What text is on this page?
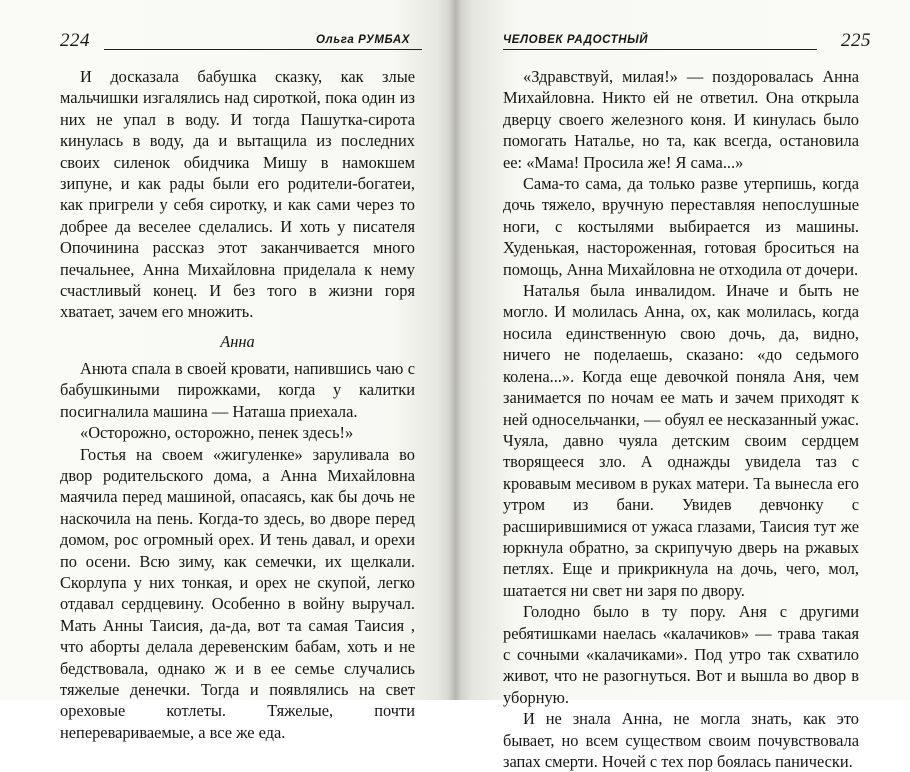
224	Ольга РУМБАХ

И досказала бабушка сказку, как злые мальчишки изгалялись над сироткой, пока один из них не упал в воду. И тогда Пашутка-сирота кинулась в воду, да и вытащила из последних своих силенок обидчика Мишу в намокшем зипуне, и как рады были его родители-богатеи, как пригрели у себя сиротку, и как сами через то добрее да веселее сделались. И хоть у писателя Опочинина рассказ этот заканчивается много печальнее, Анна Михайловна приделала к нему счастливый конец. И без того в жизни горя хватает, зачем его множить.

Анна

Анюта спала в своей кровати, напившись чаю с бабушкиными пирожками, когда у калитки посигналила машина — Наташа приехала.

«Осторожно, осторожно, пенек здесь!»

Гостья на своем «жигуленке» заруливала во двор родительского дома, а Анна Михайловна маячила перед машиной, опасаясь, как бы дочь не наскочила на пень. Когда-то здесь, во дворе перед домом, рос огромный орех. И тень давал, и орехи по осени. Всю зиму, как семечки, их щелкали. Скорлупа у них тонкая, и орех не скупой, легко отдавал сердцевину. Особенно в войну выручал. Мать Анны Таисия, да-да, вот та самая Таисия , что аборты делала деревенским бабам, хоть и не бедствовала, однако ж и в ее семье случались тяжелые денечки. Тогда и появлялись на свет ореховые котлеты. Тяжелые, почти неперевариваемые, а все же еда.

ЧЕЛОВЕК РАДОСТНЫЙ	225

«Здравствуй, милая!» — поздоровалась Анна Михайловна. Никто ей не ответил. Она открыла дверцу своего железного коня. И кинулась было помогать Наталье, но та, как всегда, остановила ее: «Мама! Просила же! Я сама...»

Сама-то сама, да только разве утерпишь, когда дочь тяжело, вручную переставляя непослушные ноги, с костылями выбирается из машины. Худенькая, настороженная, готовая броситься на помощь, Анна Михайловна не отходила от дочери.

Наталья была инвалидом. Иначе и быть не могло. И молилась Анна, ох, как молилась, когда носила единственную свою дочь, да, видно, ничего не поделаешь, сказано: «до седьмого колена...». Когда еще девочкой поняла Аня, чем занимается по ночам ее мать и зачем приходят к ней односельчанки, — обуял ее несказанный ужас. Чуяла, давно чуяла детским своим сердцем творящееся зло. А однажды увидела таз с кровавым месивом в руках матери. Та вынесла его утром из бани. Увидев девчонку с расширившимися от ужаса глазами, Таисия тут же юркнула обратно, за скрипучую дверь на ржавых петлях. Еще и прикрикнула на дочь, чего, мол, шатается ни свет ни заря по двору.

Голодно было в ту пору. Аня с другими ребятишками наелась «калачиков» — трава такая с сочными «калачиками». Под утро так схватило живот, что не разогнуться. Вот и вышла во двор в уборную.

И не знала Анна, не могла знать, как это бывает, но всем существом своим почувствовала запах смерти. Ночей с тех пор боялась панически.
